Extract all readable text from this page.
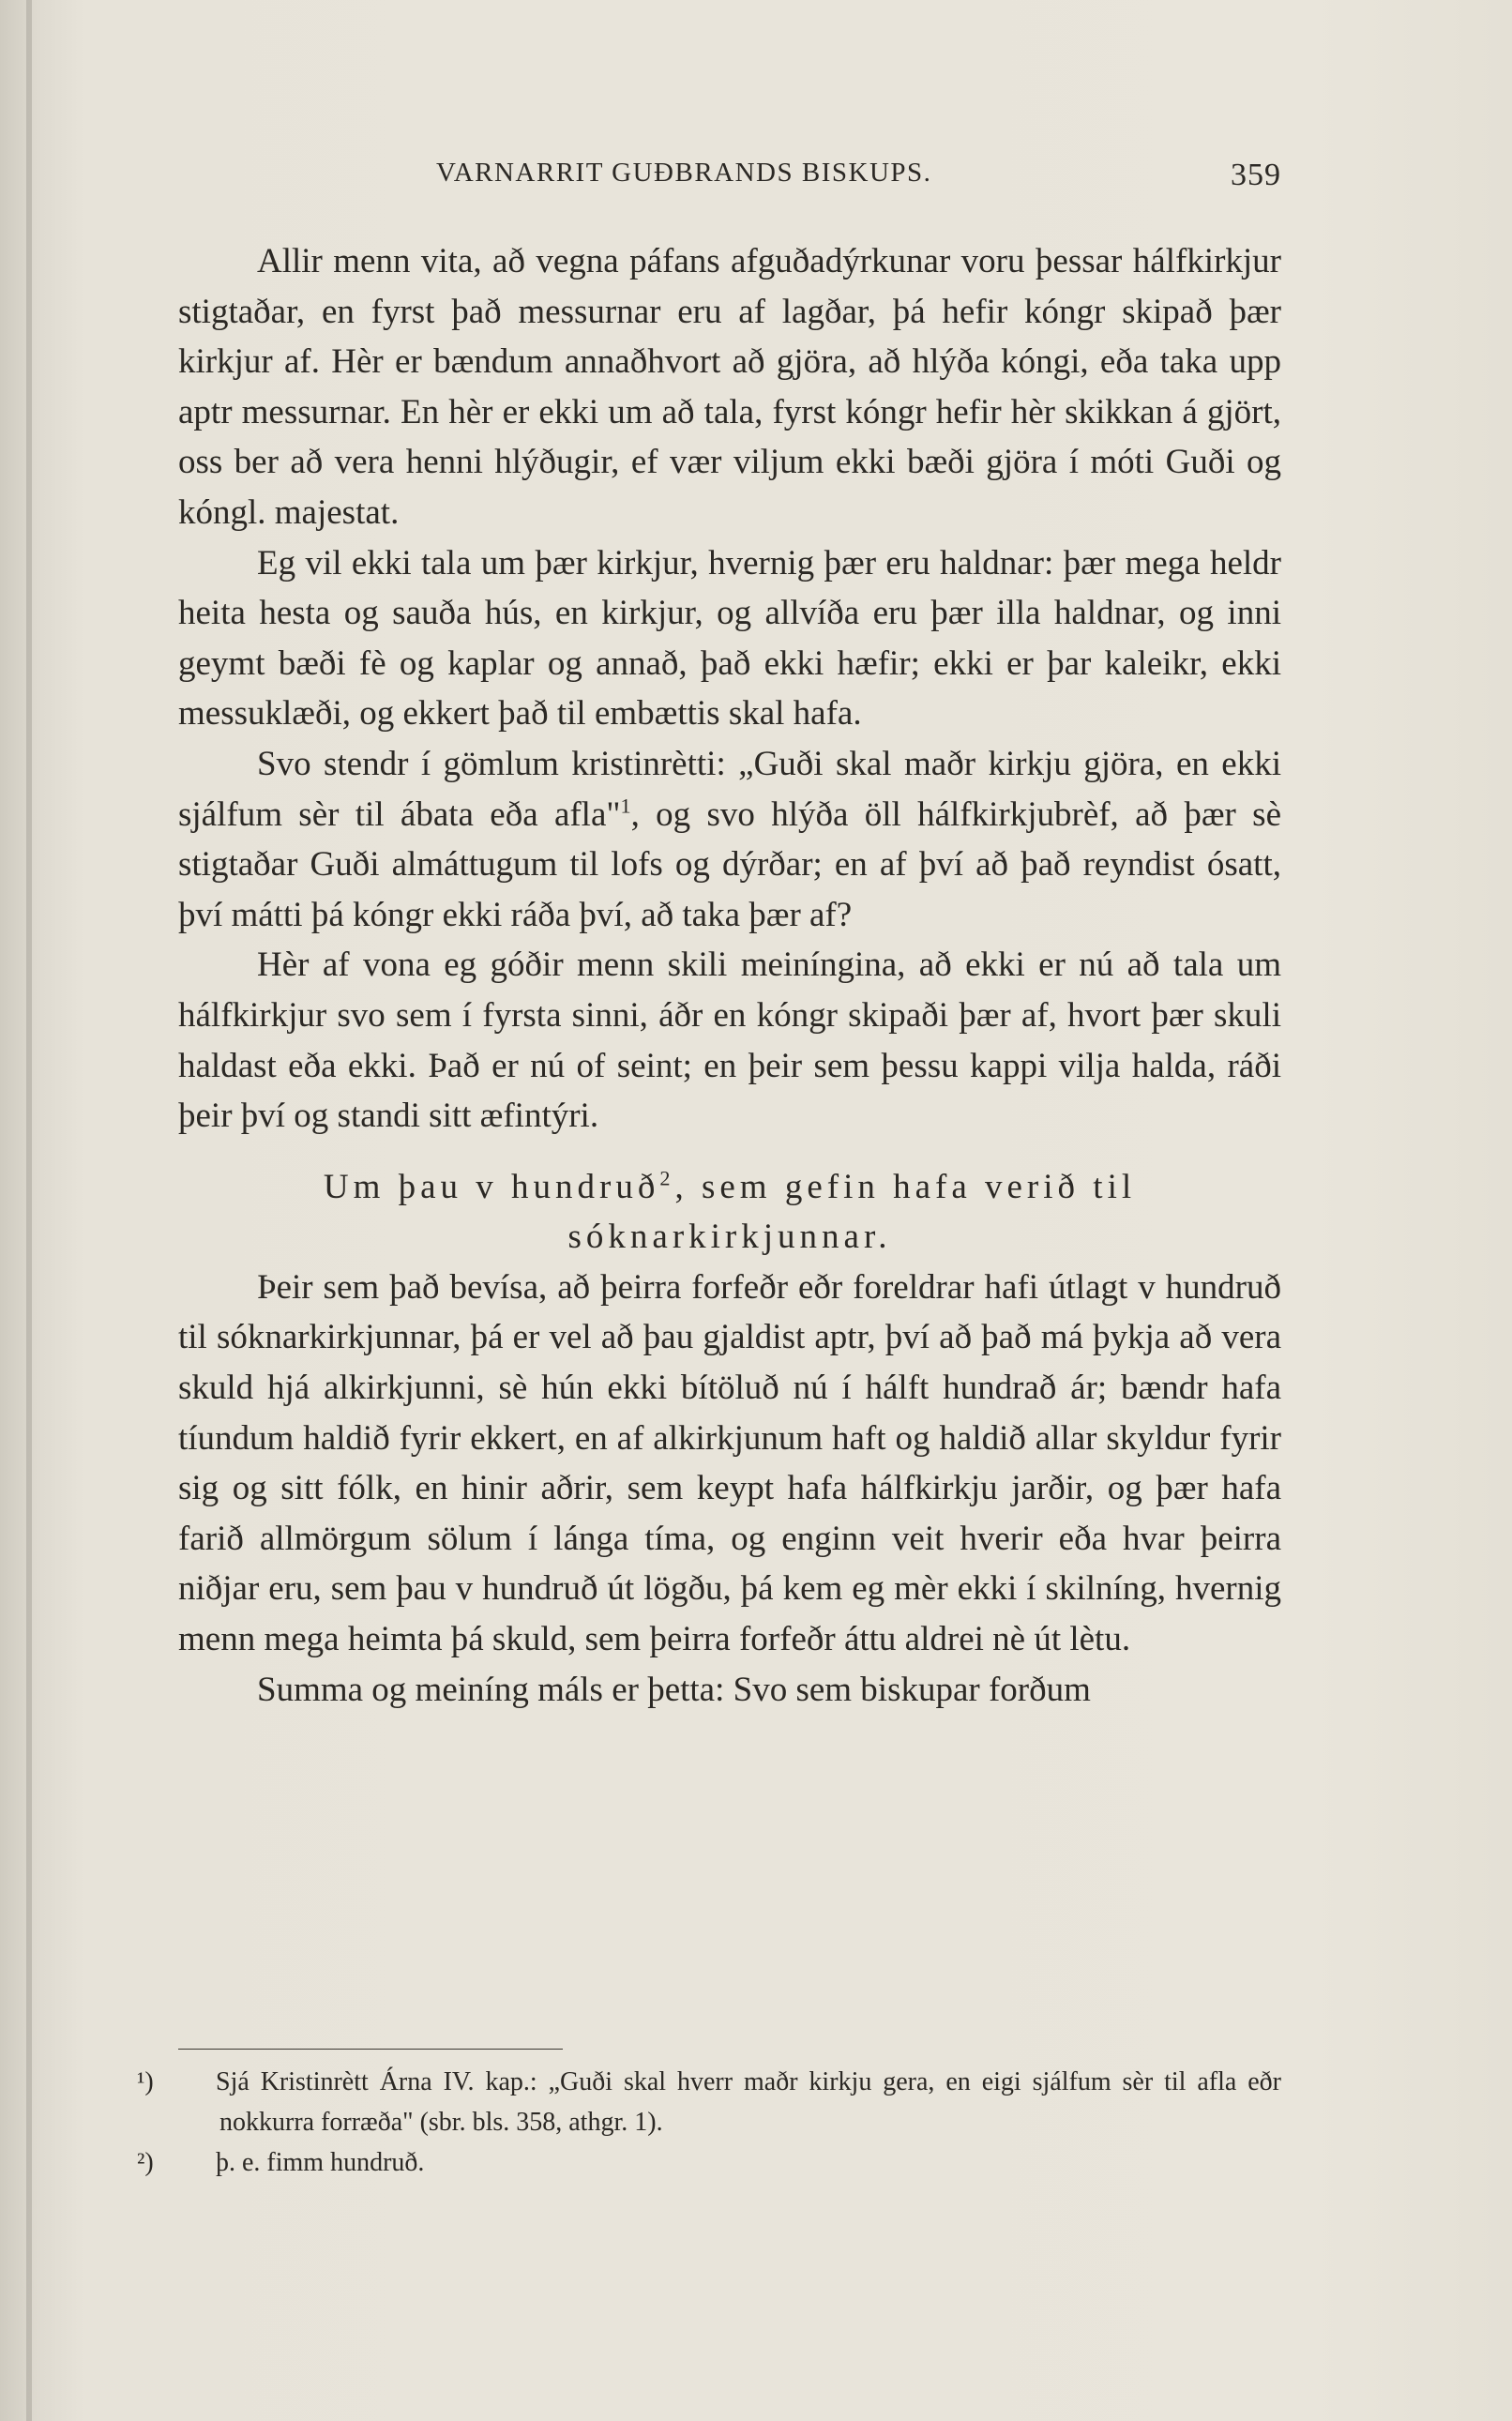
VARNARRIT GUÐBRANDS BISKUPS.	359

Allir menn vita, að vegna páfans afguðadýrkunar voru þessar hálfkirkjur stigtaðar, en fyrst það messurnar eru af lagðar, þá hefir kóngr skipað þær kirkjur af. Hèr er bændum annaðhvort að gjöra, að hlýða kóngi, eða taka upp aptr messurnar. En hèr er ekki um að tala, fyrst kóngr hefir hèr skikkan á gjört, oss ber að vera henni hlýðugir, ef vær viljum ekki bæði gjöra í móti Guði og kóngl. majestat.

Eg vil ekki tala um þær kirkjur, hvernig þær eru haldnar: þær mega heldr heita hesta og sauða hús, en kirkjur, og allvíða eru þær illa haldnar, og inni geymt bæði fè og kaplar og annað, það ekki hæfir; ekki er þar kaleikr, ekki messuklæði, og ekkert það til embættis skal hafa.

Svo stendr í gömlum kristinrètti: „Guði skal maðr kirkju gjöra, en ekki sjálfum sèr til ábata eða afla"$^1$, og svo hlýða öll hálfkirkjubrèf, að þær sè stigtaðar Guði almáttugum til lofs og dýrðar; en af því að það reyndist ósatt, því mátti þá kóngr ekki ráða því, að taka þær af?

Hèr af vona eg góðir menn skili meiníngina, að ekki er nú að tala um hálfkirkjur svo sem í fyrsta sinni, áðr en kóngr skipaði þær af, hvort þær skuli haldast eða ekki. Það er nú of seint; en þeir sem þessu kappi vilja halda, ráði þeir því og standi sitt æfintýri.

Um þau v hundruð$^2$, sem gefin hafa verið til sóknarkirkjunnar.

Þeir sem það bevísa, að þeirra forfeðr eðr foreldrar hafi útlagt v hundruð til sóknarkirkjunnar, þá er vel að þau gjaldist aptr, því að það má þykja að vera skuld hjá alkirkjunni, sè hún ekki bítöluð nú í hálft hundrað ár; bændr hafa tíundum haldið fyrir ekkert, en af alkirkjunum haft og haldið allar skyldur fyrir sig og sitt fólk, en hinir aðrir, sem keypt hafa hálfkirkju jarðir, og þær hafa farið allmörgum sölum í lánga tíma, og enginn veit hverir eða hvar þeirra niðjar eru, sem þau v hundruð út lögðu, þá kem eg mèr ekki í skilníng, hvernig menn mega heimta þá skuld, sem þeirra forfeðr áttu aldrei nè út lètu.

Summa og meiníng máls er þetta: Svo sem biskupar forðum

¹) Sjá Kristinrètt Árna IV. kap.: „Guði skal hverr maðr kirkju gera, en eigi sjálfum sèr til afla eðr nokkurra forræða" (sbr. bls. 358, athgr. 1).

²) þ. e. fimm hundruð.
